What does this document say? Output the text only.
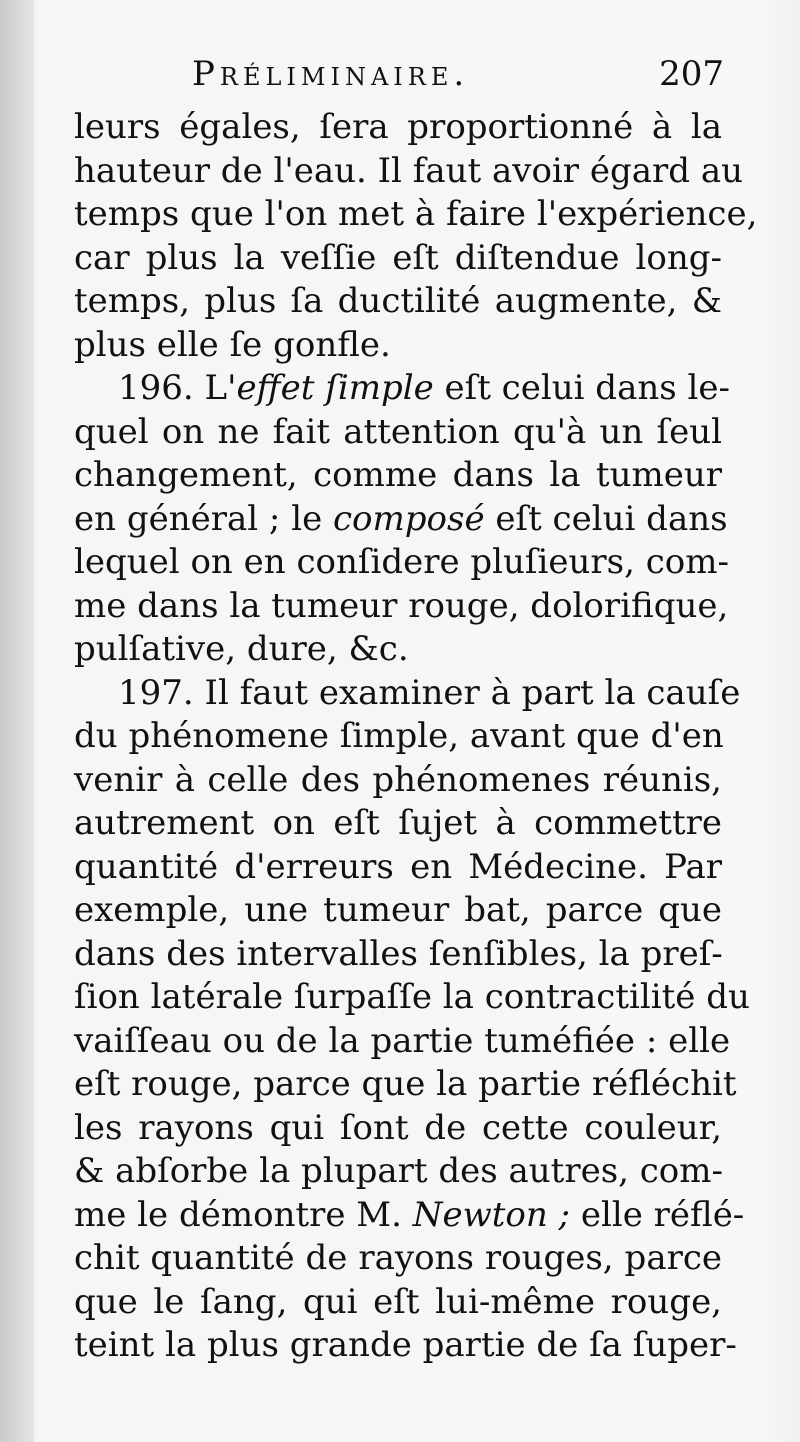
Préliminaire.	207
leurs égales, ſera proportionné à la
hauteur de l'eau. Il faut avoir égard au
temps que l'on met à faire l'expérience,
car plus la veſſie eſt diſtendue long-
temps, plus ſa ductilité augmente, &
plus elle ſe gonfle.
196. L'effet ſimple eſt celui dans le-
quel on ne fait attention qu'à un ſeul
changement, comme dans la tumeur
en général ; le composé eſt celui dans
lequel on en conſidere pluſieurs, com-
me dans la tumeur rouge, dolorifique,
pulſative, dure, &c.
197. Il faut examiner à part la cauſe
du phénomene ſimple, avant que d'en
venir à celle des phénomenes réunis,
autrement on eſt ſujet à commettre
quantité d'erreurs en Médecine. Par
exemple, une tumeur bat, parce que
dans des intervalles ſenſibles, la preſ-
ſion latérale ſurpaſſe la contractilité du
vaiſſeau ou de la partie tuméfiée : elle
eſt rouge, parce que la partie réfléchit
les rayons qui ſont de cette couleur,
& abſorbe la plupart des autres, com-
me le démontre M. Newton ; elle réflé-
chit quantité de rayons rouges, parce
que le ſang, qui eſt lui-même rouge,
teint la plus grande partie de ſa ſuper-
